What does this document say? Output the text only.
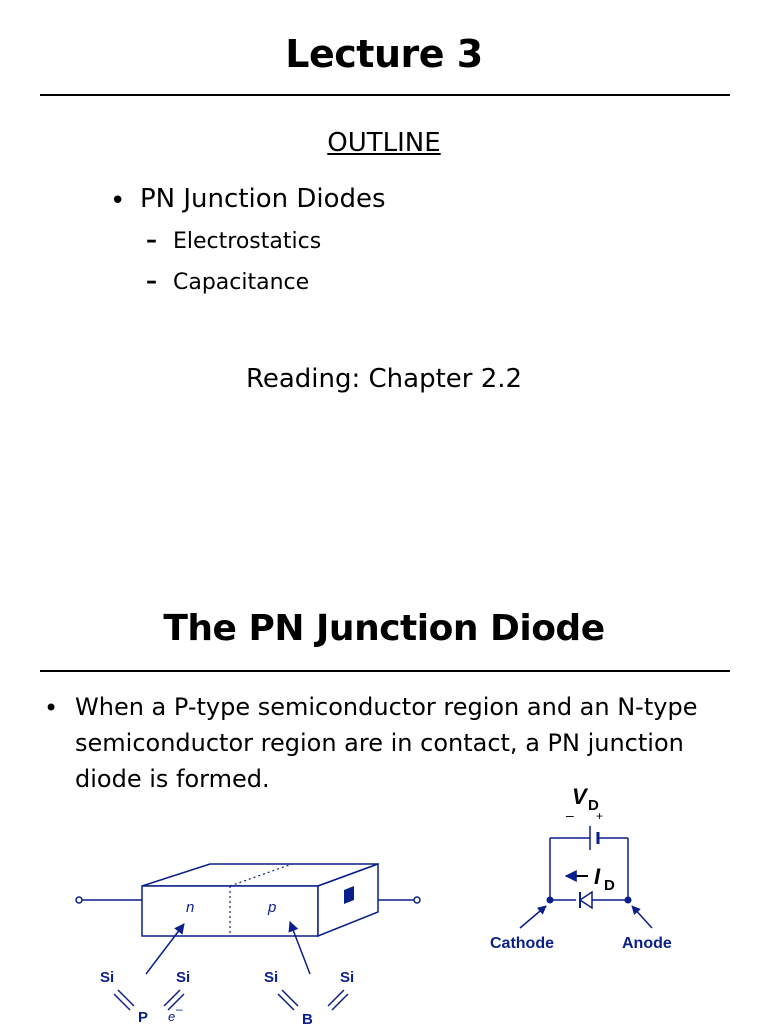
Lecture 3
OUTLINE
• PN Junction Diodes
– Electrostatics
– Capacitance
Reading: Chapter 2.2
The PN Junction Diode
• When a P-type semiconductor region and an N-type
semiconductor region are in contact, a PN junction
diode is formed.
n	p
Si	Si
P e –
Si	Si
B
V D
– +
I D
Cathode	Anode
